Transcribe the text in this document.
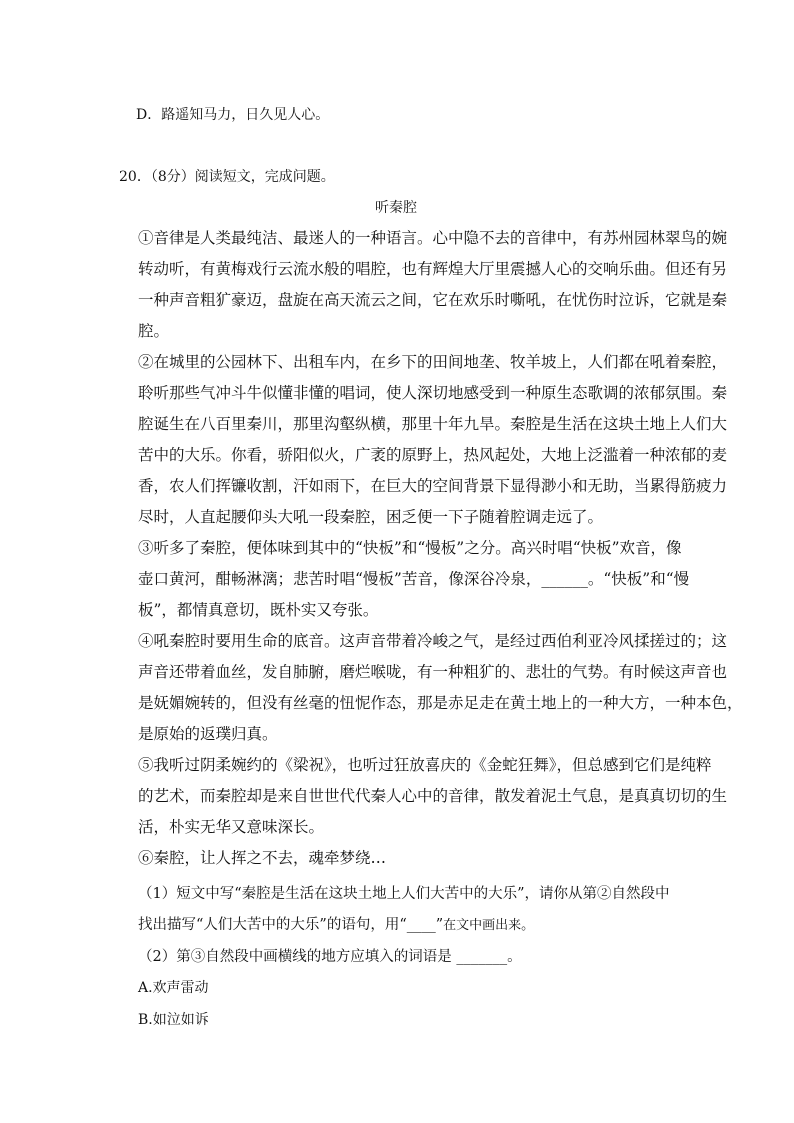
D．路遥知马力，日久见人心。
20．（8分）阅读短文，完成问题。
听秦腔
①音律是人类最纯洁、最迷人的一种语言。心中隐不去的音律中，有苏州园林翠鸟的婉
转动听，有黄梅戏行云流水般的唱腔，也有辉煌大厅里震撼人心的交响乐曲。但还有另
一种声音粗犷豪迈，盘旋在高天流云之间，它在欢乐时嘶吼，在忧伤时泣诉，它就是秦
腔。
②在城里的公园林下、出租车内，在乡下的田间地垄、牧羊坡上，人们都在吼着秦腔，
聆听那些气冲斗牛似懂非懂的唱词，使人深切地感受到一种原生态歌调的浓郁氛围。秦
腔诞生在八百里秦川，那里沟壑纵横，那里十年九旱。秦腔是生活在这块土地上人们大
苦中的大乐。你看，骄阳似火，广袤的原野上，热风起处，大地上泛滥着一种浓郁的麦
香，农人们挥镰收割，汗如雨下，在巨大的空间背景下显得渺小和无助，当累得筋疲力
尽时，人直起腰仰头大吼一段秦腔，困乏便一下子随着腔调走远了。
③听多了秦腔，便体味到其中的“快板”和“慢板”之分。高兴时唱“快板”欢音，像
壶口黄河，酣畅淋漓；悲苦时唱“慢板”苦音，像深谷冷泉，______。“快板”和“慢
板”，都情真意切，既朴实又夸张。
④吼秦腔时要用生命的底音。这声音带着冷峻之气，是经过西伯利亚冷风揉搓过的；这
声音还带着血丝，发自肺腑，磨烂喉咙，有一种粗犷的、悲壮的气势。有时候这声音也
是妩媚婉转的，但没有丝毫的忸怩作态，那是赤足走在黄土地上的一种大方，一种本色，
是原始的返璞归真。
⑤我听过阴柔婉约的《梁祝》，也听过狂放喜庆的《金蛇狂舞》，但总感到它们是纯粹
的艺术，而秦腔却是来自世世代代秦人心中的音律，散发着泥土气息，是真真切切的生
活，朴实无华又意味深长。
⑥秦腔，让人挥之不去，魂牵梦绕…
（1）短文中写“秦腔是生活在这块土地上人们大苦中的大乐”，请你从第②自然段中
找出描写“人们大苦中的大乐”的语句，用“____”在文中画出来。
（2）第③自然段中画横线的地方应填入的词语是 _______。
A.欢声雷动
B.如泣如诉
